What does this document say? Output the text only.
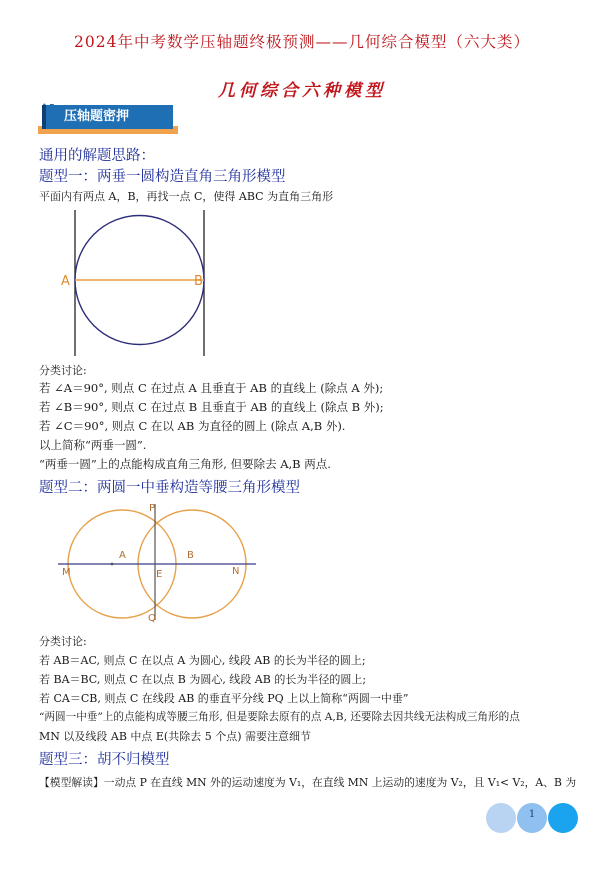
2024年中考数学压轴题终极预测——几何综合模型（六大类）
几何综合六种模型
压轴题密押
通用的解题思路：
题型一：两垂一圆构造直角三角形模型
平面内有两点 A，B，再找一点 C，使得 ABC 为直角三角形
A	B
分类讨论:
若 ∠A＝90°, 则点 C 在过点 A 且垂直于 AB 的直线上 (除点 A 外);
若 ∠B＝90°, 则点 C 在过点 B 且垂直于 AB 的直线上 (除点 B 外);
若 ∠C＝90°, 则点 C 在以 AB 为直径的圆上 (除点 A,B 外).
以上简称“两垂一圆”.
“两垂一圆”上的点能构成直角三角形, 但要除去 A,B 两点.
题型二：两圆一中垂构造等腰三角形模型
P
Q
M	N
A
E
B
分类讨论:
若 AB＝AC, 则点 C 在以点 A 为圆心, 线段 AB 的长为半径的圆上;
若 BA＝BC, 则点 C 在以点 B 为圆心, 线段 AB 的长为半径的圆上;
若 CA＝CB, 则点 C 在线段 AB 的垂直平分线 PQ 上以上简称“两圆一中垂”
“两圆一中垂”上的点能构成等腰三角形, 但是要除去原有的点 A,B, 还要除去因共线无法构成三角形的点
MN 以及线段 AB 中点 E(共除去 5 个点) 需要注意细节
题型三：胡不归模型
【模型解读】一动点 P 在直线 MN 外的运动速度为 V₁，在直线 MN 上运动的速度为 V₂，且 V₁< V₂，A、B 为
1
